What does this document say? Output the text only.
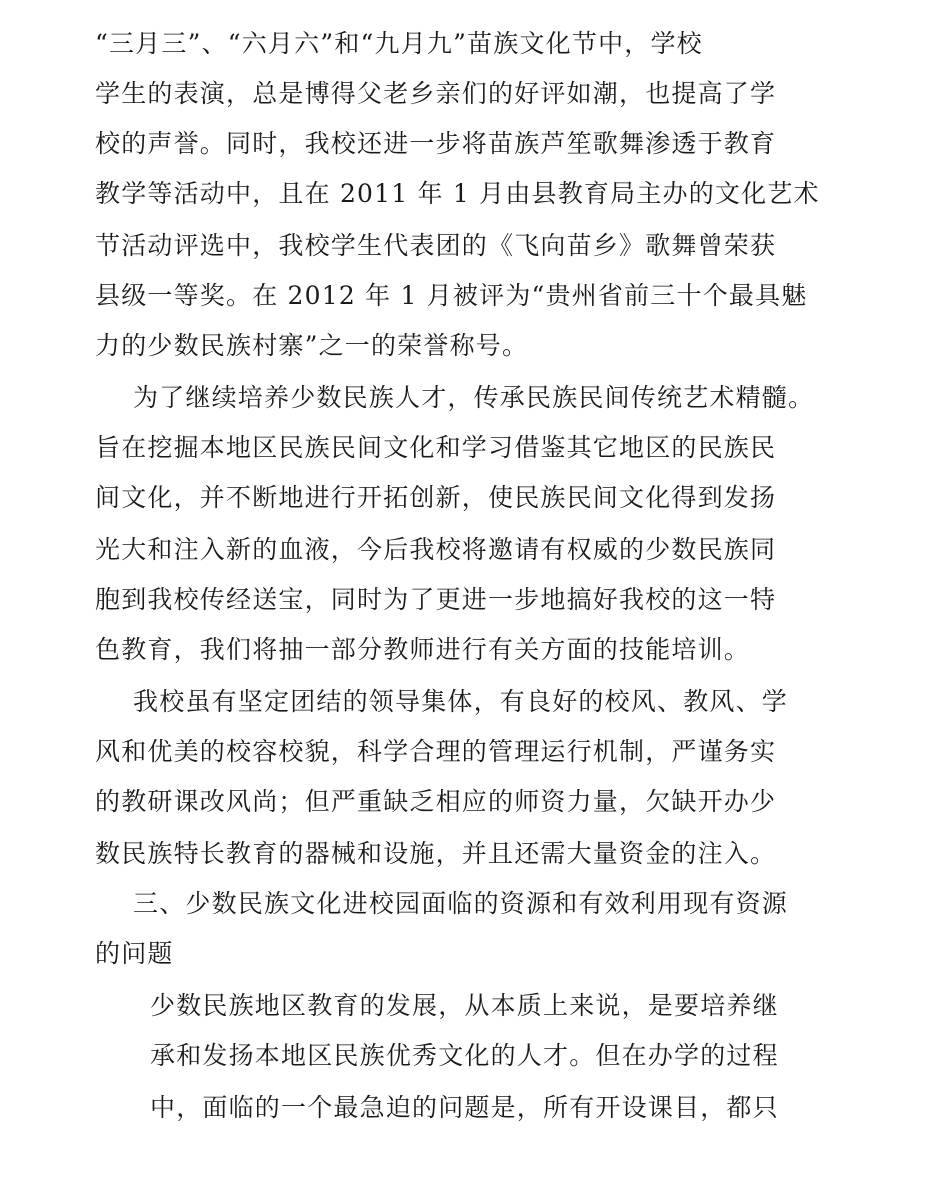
“三月三”、“六月六”和“九月九”苗族文化节中，学校
学生的表演，总是博得父老乡亲们的好评如潮，也提高了学
校的声誉。同时，我校还进一步将苗族芦笙歌舞渗透于教育
教学等活动中，且在 2011 年 1 月由县教育局主办的文化艺术
节活动评选中，我校学生代表团的《飞向苗乡》歌舞曾荣获
县级一等奖。在 2012 年 1 月被评为“贵州省前三十个最具魅
力的少数民族村寨”之一的荣誉称号。
为了继续培养少数民族人才，传承民族民间传统艺术精髓。
旨在挖掘本地区民族民间文化和学习借鉴其它地区的民族民
间文化，并不断地进行开拓创新，使民族民间文化得到发扬
光大和注入新的血液，今后我校将邀请有权威的少数民族同
胞到我校传经送宝，同时为了更进一步地搞好我校的这一特
色教育，我们将抽一部分教师进行有关方面的技能培训。
我校虽有坚定团结的领导集体，有良好的校风、教风、学
风和优美的校容校貌，科学合理的管理运行机制，严谨务实
的教研课改风尚；但严重缺乏相应的师资力量，欠缺开办少
数民族特长教育的器械和设施，并且还需大量资金的注入。
三、少数民族文化进校园面临的资源和有效利用现有资源
的问题
少数民族地区教育的发展，从本质上来说，是要培养继
承和发扬本地区民族优秀文化的人才。但在办学的过程
中，面临的一个最急迫的问题是，所有开设课目，都只
